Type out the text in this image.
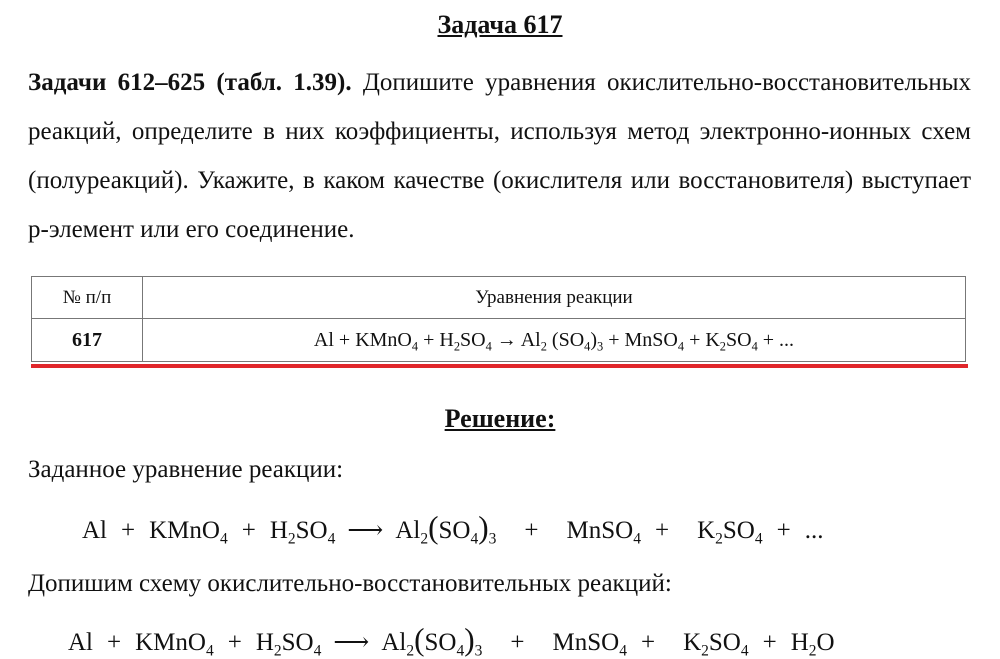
Задача 617
Задачи 612–625 (табл. 1.39). Допишите уравнения окислительно-восстановительных реакций, определите в них коэффициенты, используя метод электронно-ионных схем (полуреакций). Укажите, в каком качестве (окислителя или восстановителя) выступает p-элемент или его соединение.
№ п/п	Уравнения реакции
617	Al + KMnO$_4$ + $H_2SO_4 \to Al_2$ $(SO_4)_3$ + MnSO$_4$ + $K_2SO_4$ + ...
Решение:
Заданное уравнение реакции:
Al + KMnO$_4$ + $H_2SO_4$ ⟶ $Al_2(SO_4)_3$ + MnSO$_4$ + $K_2SO_4$ + ...
Допишим схему окислительно-восстановительных реакций:
Al + KMnO$_4$ + $H_2SO_4$ ⟶ $Al_2(SO_4)_3$ + MnSO$_4$ + $K_2SO_4 + H_2O$
